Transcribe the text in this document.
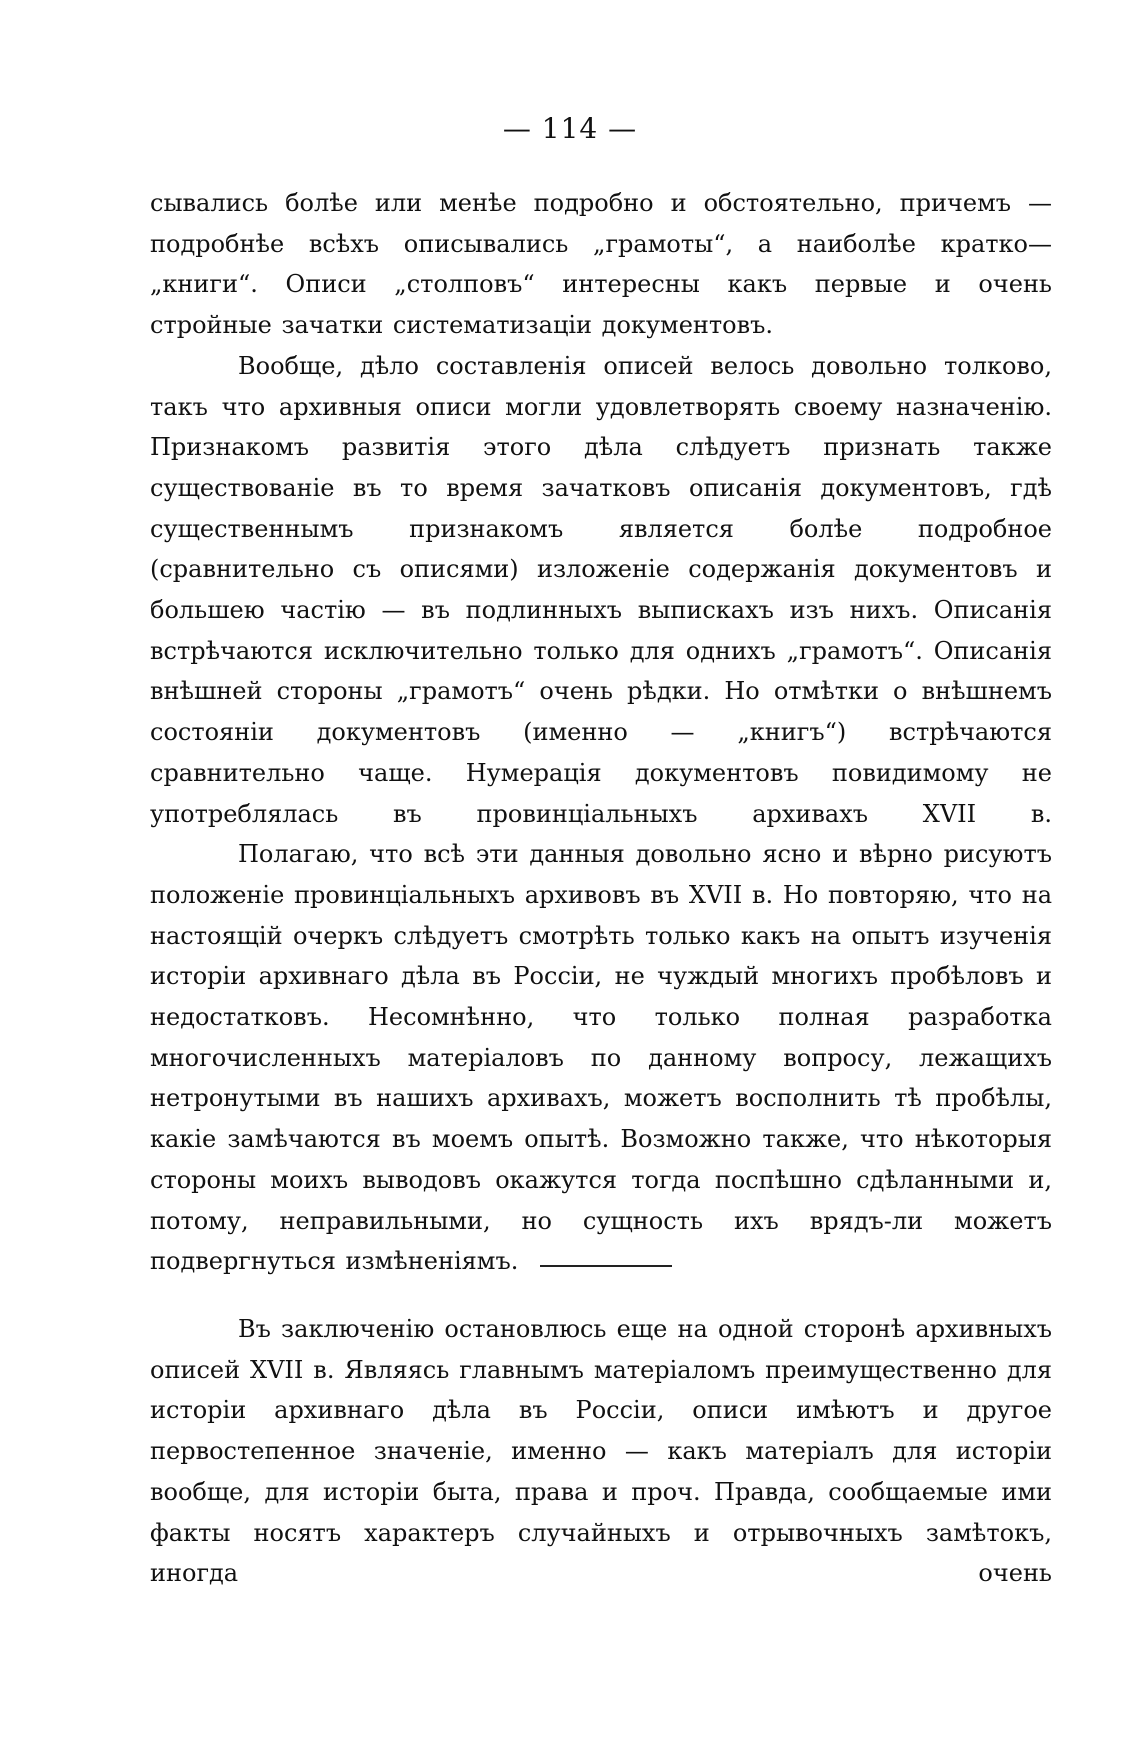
— 114 —

сывались болѣе или менѣе подробно и обстоятельно, причемъ — подробнѣе всѣхъ описывались „грамоты“, а наиболѣе кратко—„книги“. Описи „столповъ“ интересны какъ первые и очень стройные зачатки систематизаціи документовъ.

Вообще, дѣло составленія описей велось довольно толково, такъ что архивныя описи могли удовлетворять своему назначенію. Признакомъ развитія этого дѣла слѣдуетъ признать также существованіе въ то время зачатковъ описанія документовъ, гдѣ существеннымъ признакомъ является болѣе подробное (сравнительно съ описями) изложеніе содержанія документовъ и большею частію — въ подлинныхъ выпискахъ изъ нихъ. Описанія встрѣчаются исключительно только для однихъ „грамотъ“. Описанія внѣшней стороны „грамотъ“ очень рѣдки. Но отмѣтки о внѣшнемъ состояніи документовъ (именно — „книгъ“) встрѣчаются сравнительно чаще. Нумерація документовъ повидимому не употреблялась въ провинціальныхъ архивахъ XVII в.

Полагаю, что всѣ эти данныя довольно ясно и вѣрно рисуютъ положеніе провинціальныхъ архивовъ въ XVII в. Но повторяю, что на настоящій очеркъ слѣдуетъ смотрѣть только какъ на опытъ изученія исторіи архивнаго дѣла въ Россіи, не чуждый многихъ пробѣловъ и недостатковъ. Несомнѣнно, что только полная разработка многочисленныхъ матеріаловъ по данному вопросу, лежащихъ нетронутыми въ нашихъ архивахъ, можетъ восполнить тѣ пробѣлы, какіе замѣчаются въ моемъ опытѣ. Возможно также, что нѣкоторыя стороны моихъ выводовъ окажутся тогда поспѣшно сдѣланными и, потому, неправильными, но сущность ихъ врядъ-ли можетъ подвергнуться измѣненіямъ.

Въ заключенію остановлюсь еще на одной сторонѣ архивныхъ описей XVII в. Являясь главнымъ матеріаломъ преимущественно для исторіи архивнаго дѣла въ Россіи, описи имѣютъ и другое первостепенное значеніе, именно — какъ матеріалъ для исторіи вообще, для исторіи быта, права и проч. Правда, сообщаемые ими факты носятъ характеръ случайныхъ и отрывочныхъ замѣтокъ, иногда очень
